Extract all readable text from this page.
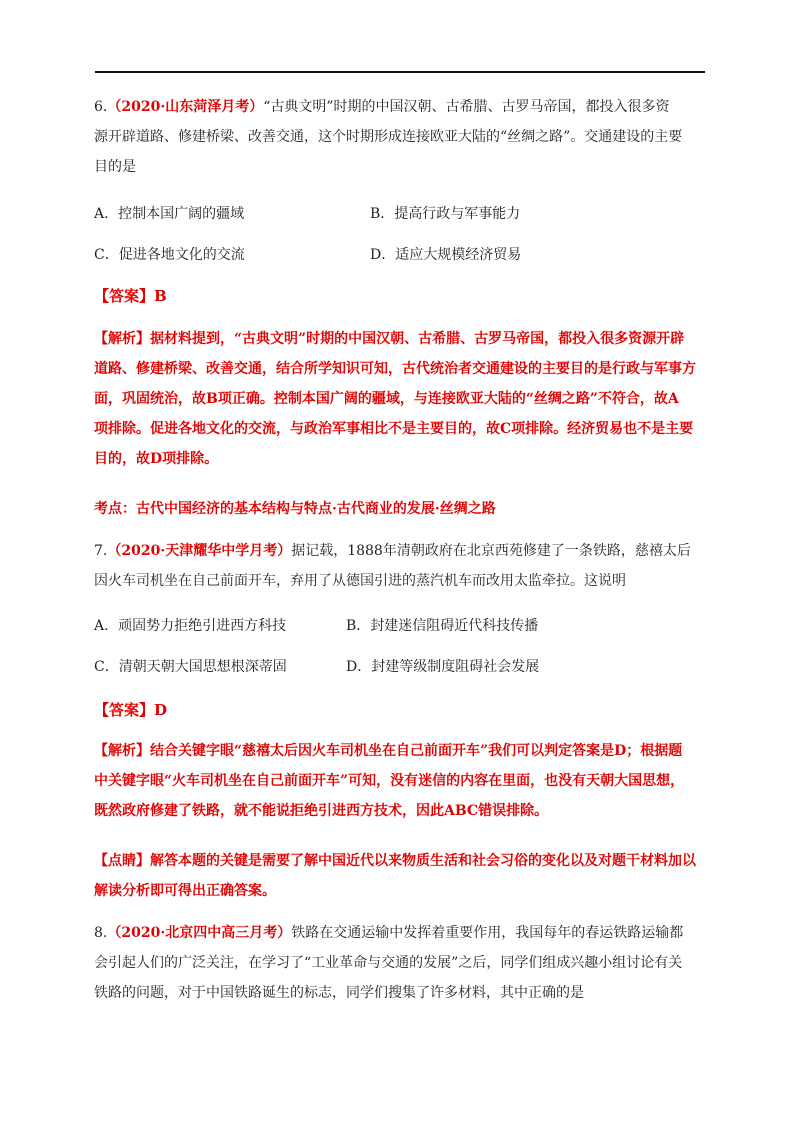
6.（2020·山东菏泽月考）“古典文明”时期的中国汉朝、古希腊、古罗马帝国，都投入很多资
源开辟道路、修建桥梁、改善交通，这个时期形成连接欧亚大陆的“丝绸之路”。交通建设的主要
目的是
A．控制本国广阔的疆域	B．提高行政与军事能力
C．促进各地文化的交流	D．适应大规模经济贸易
【答案】B
【解析】据材料提到，“古典文明”时期的中国汉朝、古希腊、古罗马帝国，都投入很多资源开辟
道路、修建桥梁、改善交通，结合所学知识可知，古代统治者交通建设的主要目的是行政与军事方
面，巩固统治，故B项正确。控制本国广阔的疆域，与连接欧亚大陆的“丝绸之路”不符合，故A
项排除。促进各地文化的交流，与政治军事相比不是主要目的，故C项排除。经济贸易也不是主要
目的，故D项排除。
考点：古代中国经济的基本结构与特点·古代商业的发展·丝绸之路
7.（2020·天津耀华中学月考）据记载，1888年清朝政府在北京西苑修建了一条铁路，慈禧太后
因火车司机坐在自己前面开车，弃用了从德国引进的蒸汽机车而改用太监牵拉。这说明
A．顽固势力拒绝引进西方科技	B．封建迷信阻碍近代科技传播
C．清朝天朝大国思想根深蒂固	D．封建等级制度阻碍社会发展
【答案】D
【解析】结合关键字眼“慈禧太后因火车司机坐在自己前面开车”我们可以判定答案是D；根据题
中关键字眼“火车司机坐在自己前面开车”可知，没有迷信的内容在里面，也没有天朝大国思想，
既然政府修建了铁路，就不能说拒绝引进西方技术，因此ABC错误排除。
【点睛】解答本题的关键是需要了解中国近代以来物质生活和社会习俗的变化以及对题干材料加以
解读分析即可得出正确答案。
8.（2020·北京四中高三月考）铁路在交通运输中发挥着重要作用，我国每年的春运铁路运输都
会引起人们的广泛关注，在学习了“工业革命与交通的发展”之后，同学们组成兴趣小组讨论有关
铁路的问题，对于中国铁路诞生的标志，同学们搜集了许多材料，其中正确的是
